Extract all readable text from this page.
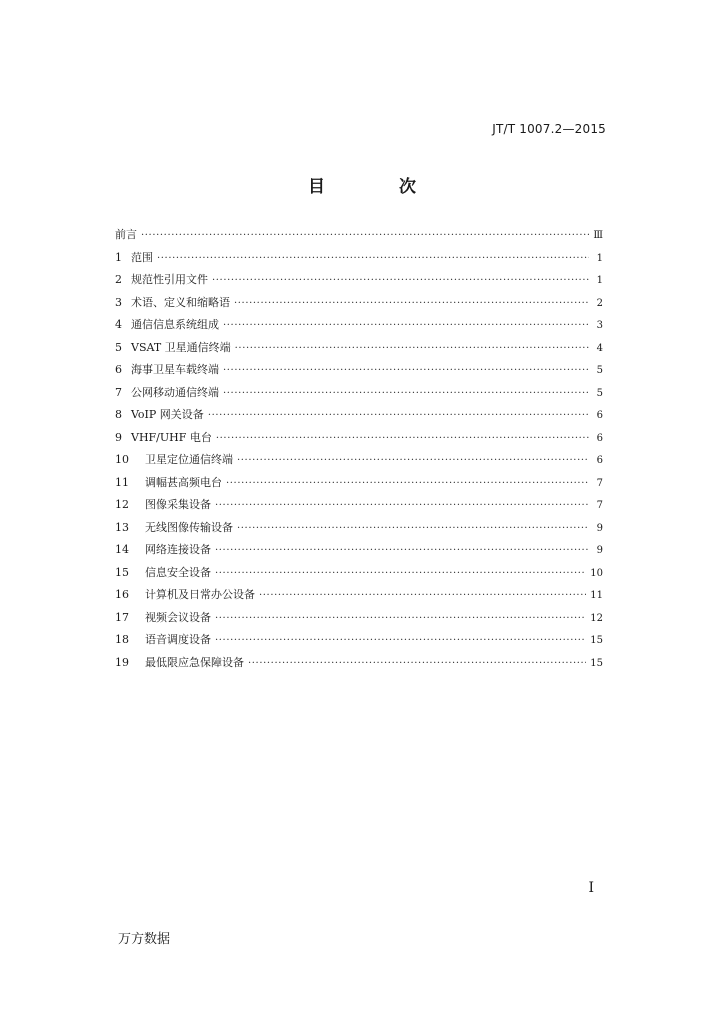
JT/T 1007.2—2015
目 次
前言 ·····	Ⅲ
1 范围 ·····	1
2 规范性引用文件 ·····	1
3 术语、定义和缩略语 ·····	2
4 通信信息系统组成 ·····	3
5 VSAT 卫星通信终端 ·····	4
6 海事卫星车载终端 ·····	5
7 公网移动通信终端 ·····	5
8 VoIP 网关设备 ·····	6
9 VHF/UHF 电台 ·····	6
10 卫星定位通信终端 ·····	6
11 调幅甚高频电台 ·····	7
12 图像采集设备 ·····	7
13 无线图像传输设备 ·····	9
14 网络连接设备 ·····	9
15 信息安全设备 ·····	10
16 计算机及日常办公设备 ·····	11
17 视频会议设备 ·····	12
18 语音调度设备 ·····	15
19 最低限应急保障设备 ·····	15
I
万方数据
